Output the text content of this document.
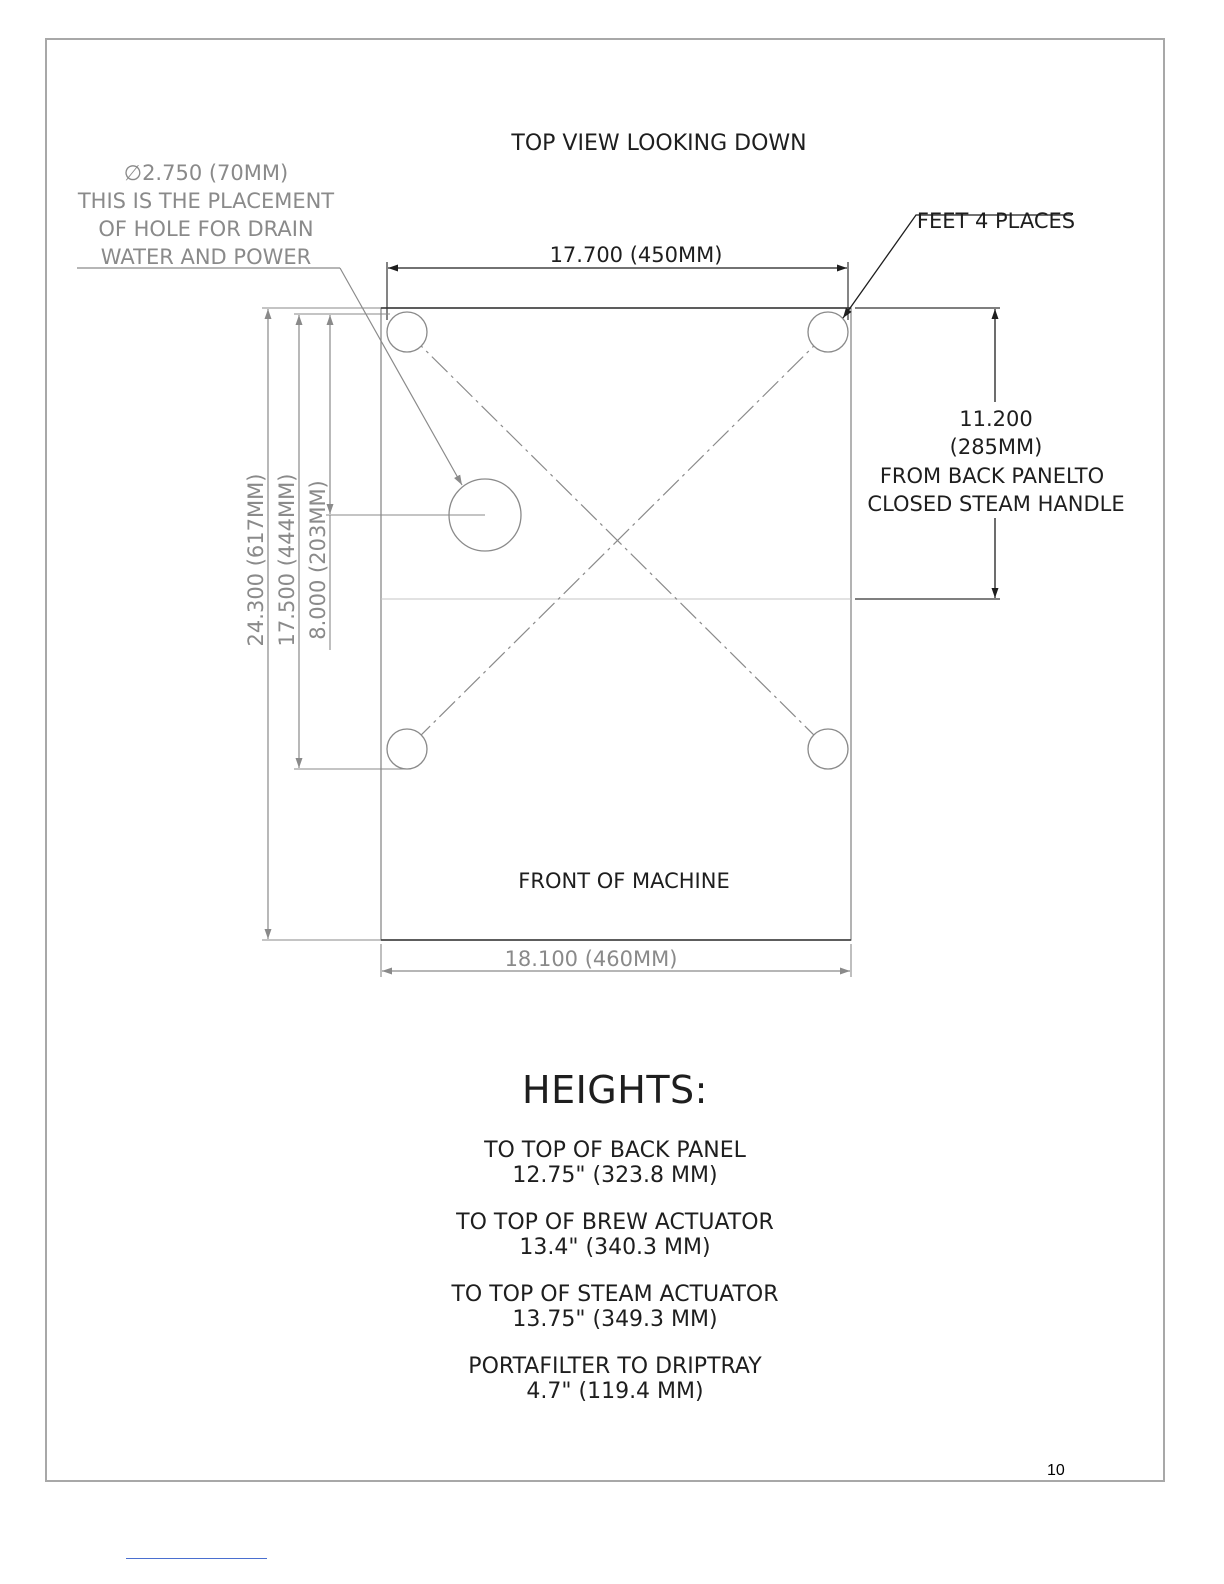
TOP VIEW LOOKING DOWN
∅2.750 (70MM)
THIS IS THE PLACEMENT
OF HOLE FOR DRAIN
WATER AND POWER
FEET 4 PLACES
17.700 (450MM)
11.200
(285MM)
FROM BACK PANELTO
CLOSED STEAM HANDLE
24.300 (617MM) 17.500 (444MM) 8.000 (203MM)
FRONT OF MACHINE
18.100 (460MM)
HEIGHTS:
TO TOP OF BACK PANEL
12.75" (323.8 MM)
TO TOP OF BREW ACTUATOR
13.4" (340.3 MM)
TO TOP OF STEAM ACTUATOR
13.75" (349.3 MM)
PORTAFILTER TO DRIPTRAY
4.7" (119.4 MM)
10
